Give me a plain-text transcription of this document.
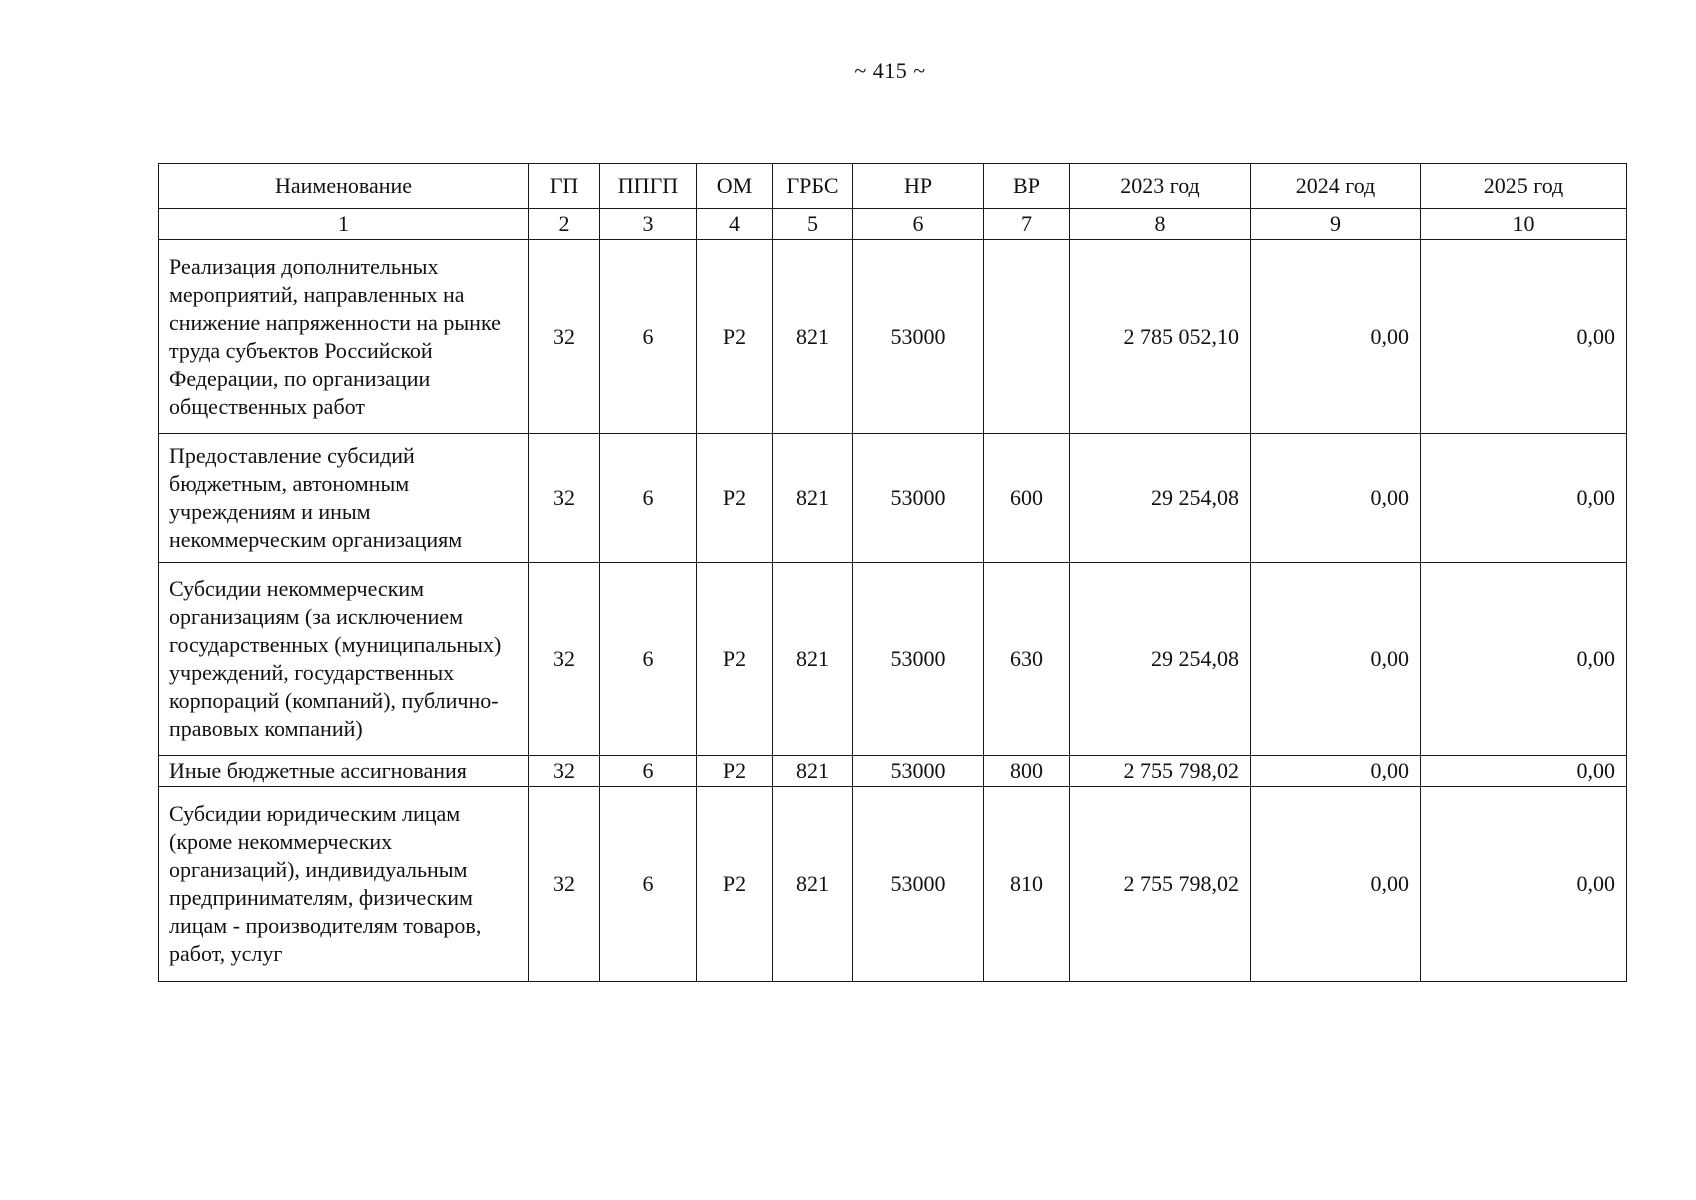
~ 415 ~
Наименование	ГП	ППГП	ОМ	ГРБС	НР	ВР	2023 год	2024 год	2025 год
1	2	3	4	5	6	7	8	9	10
Реализация дополнительных мероприятий, направленных на снижение напряженности на рынке труда субъектов Российской Федерации, по организации общественных работ	32	6	Р2	821	53000		2 785 052,10	0,00	0,00
Предоставление субсидий бюджетным, автономным учреждениям и иным некоммерческим организациям	32	6	Р2	821	53000	600	29 254,08	0,00	0,00
Субсидии некоммерческим организациям (за исключением государственных (муниципальных) учреждений, государственных корпораций (компаний), публично-правовых компаний)	32	6	Р2	821	53000	630	29 254,08	0,00	0,00
Иные бюджетные ассигнования	32	6	Р2	821	53000	800	2 755 798,02	0,00	0,00
Субсидии юридическим лицам (кроме некоммерческих организаций), индивидуальным предпринимателям, физическим лицам - производителям товаров, работ, услуг	32	6	Р2	821	53000	810	2 755 798,02	0,00	0,00
